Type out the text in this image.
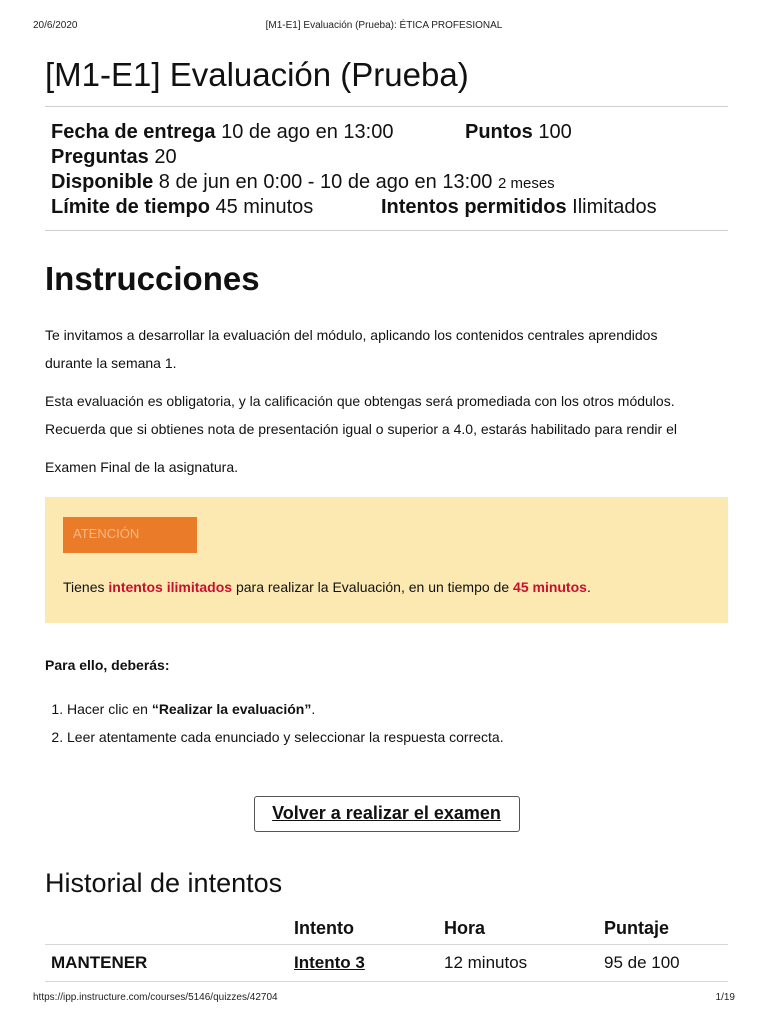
20/6/2020	[M1-E1] Evaluación (Prueba): ÉTICA PROFESIONAL
[M1-E1] Evaluación (Prueba)
Fecha de entrega 10 de ago en 13:00	Puntos 100
Preguntas 20
Disponible 8 de jun en 0:00 - 10 de ago en 13:00 2 meses
Límite de tiempo 45 minutos	Intentos permitidos Ilimitados
Instrucciones

Te invitamos a desarrollar la evaluación del módulo, aplicando los contenidos centrales aprendidos
durante la semana 1.

Esta evaluación es obligatoria, y la calificación que obtengas será promediada con los otros módulos.
Recuerda que si obtienes nota de presentación igual o superior a 4.0, estarás habilitado para rendir el

Examen Final de la asignatura.

ATENCIÓN
Tienes intentos ilimitados para realizar la Evaluación, en un tiempo de 45 minutos.

Para ello, deberás:

1. Hacer clic en “Realizar la evaluación”.
2. Leer atentamente cada enunciado y seleccionar la respuesta correcta.
Volver a realizar el examen
Historial de intentos
	Intento	Hora	Puntaje
MANTENER	Intento 3	12 minutos	95 de 100
https://ipp.instructure.com/courses/5146/quizzes/42704	1/19
